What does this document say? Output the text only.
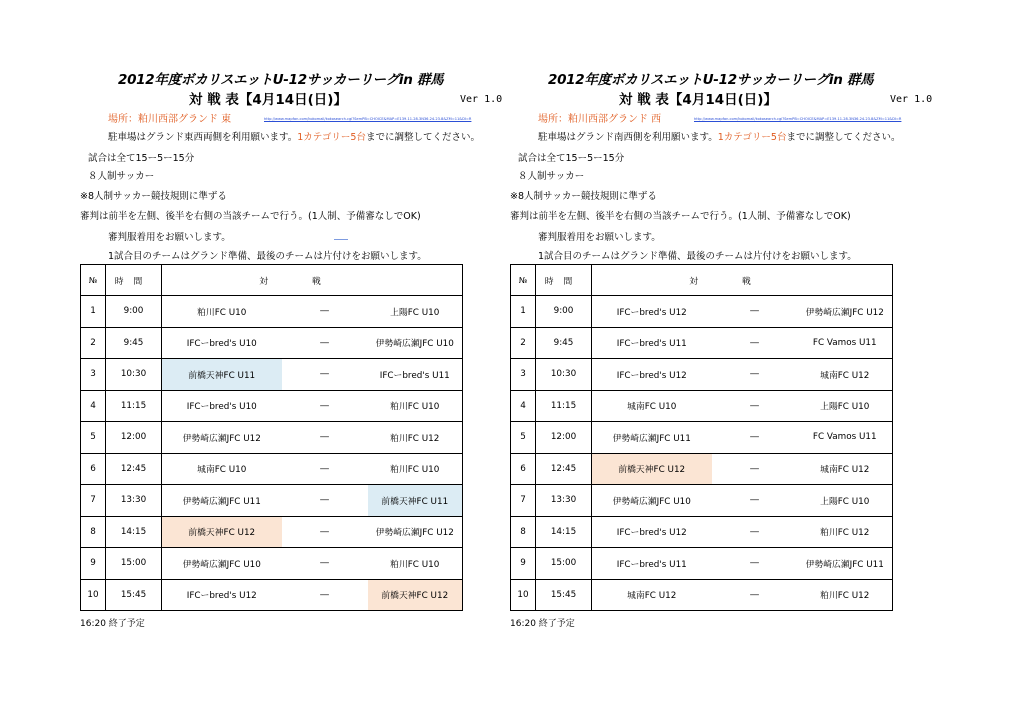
2012年度ボカリスエットU-12サッカーリーグin 群馬
対 戦 表【4月14日(日)】	Ver 1.0
場所：粕川西部グランド 東	http://www.mapfan.com/kokomail/kokosearch.cgi?SemPB=CHOICE&MAP=E139.11.28.3N36.24.23.8&ZM=11&DI=R
駐車場はグランド東西両側を利用願います。1カテゴリー5台までに調整してください。
試合は全て15ー5ー15分
８人制サッカー
※8人制サッカー競技規則に準ずる
審判は前半を左側、後半を右側の当該チームで行う。(1人制、予備審なしでOK)
審判服着用をお願いします。
1試合目のチームはグランド準備、最後のチームは片付けをお願いします。
№	時間	対戦		
1	9:00	粕川FC U10	―	上陽FC U10
2	9:45	IFCーbred's U10	―	伊勢崎広瀬JFC U10
3	10:30	前橋天神FC U11	―	IFCーbred's U11
4	11:15	IFCーbred's U10	―	粕川FC U10
5	12:00	伊勢崎広瀬JFC U12	―	粕川FC U12
6	12:45	城南FC U10	―	粕川FC U10
7	13:30	伊勢崎広瀬JFC U11	―	前橋天神FC U11
8	14:15	前橋天神FC U12	―	伊勢崎広瀬JFC U12
9	15:00	伊勢崎広瀬JFC U10	―	粕川FC U10
10	15:45	IFCーbred's U12	―	前橋天神FC U12
16:20 終了予定
2012年度ボカリスエットU-12サッカーリーグin 群馬
対 戦 表【4月14日(日)】	Ver 1.0
場所：粕川西部グランド 西	http://www.mapfan.com/kokomail/kokosearch.cgi?SemPB=CHOICE&MAP=E139.11.28.3N36.24.23.8&ZM=11&DI=R
駐車場はグランド南西側を利用願います。1カテゴリー5台までに調整してください。
試合は全て15ー5ー15分
８人制サッカー
※8人制サッカー競技規則に準ずる
審判は前半を左側、後半を右側の当該チームで行う。(1人制、予備審なしでOK)
審判服着用をお願いします。
1試合目のチームはグランド準備、最後のチームは片付けをお願いします。
№	時間	対戦		
1	9:00	IFCーbred's U12	―	伊勢崎広瀬JFC U12
2	9:45	IFCーbred's U11	―	FC Vamos U11
3	10:30	IFCーbred's U12	―	城南FC U12
4	11:15	城南FC U10	―	上陽FC U10
5	12:00	伊勢崎広瀬JFC U11	―	FC Vamos U11
6	12:45	前橋天神FC U12	―	城南FC U12
7	13:30	伊勢崎広瀬JFC U10	―	上陽FC U10
8	14:15	IFCーbred's U12	―	粕川FC U12
9	15:00	IFCーbred's U11	―	伊勢崎広瀬JFC U11
10	15:45	城南FC U12	―	粕川FC U12
16:20 終了予定
